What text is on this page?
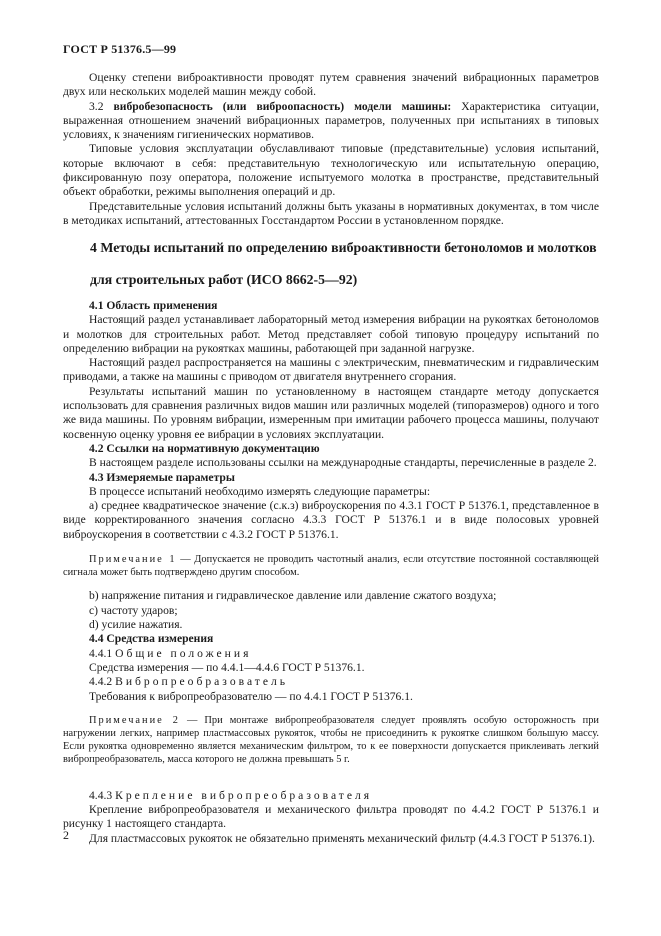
ГОСТ Р 51376.5—99

Оценку степени виброактивности проводят путем сравнения значений вибрационных параметров двух или нескольких моделей машин между собой.

3.2 вибробезопасность (или виброопасность) модели машины: Характеристика ситуации, выраженная отношением значений вибрационных параметров, полученных при испытаниях в типовых условиях, к значениям гигиенических нормативов.

Типовые условия эксплуатации обуславливают типовые (представительные) условия испытаний, которые включают в себя: представительную технологическую или испытательную операцию, фиксированную позу оператора, положение испытуемого молотка в пространстве, представительный объект обработки, режимы выполнения операций и др.

Представительные условия испытаний должны быть указаны в нормативных документах, в том числе в методиках испытаний, аттестованных Госстандартом России в установленном порядке.

4 Методы испытаний по определению виброактивности бетоноломов и молотков
для строительных работ (ИСО 8662-5—92)

4.1 Область применения

Настоящий раздел устанавливает лабораторный метод измерения вибрации на рукоятках бетоноломов и молотков для строительных работ. Метод представляет собой типовую процедуру испытаний по определению вибрации на рукоятках машины, работающей при заданной нагрузке.

Настоящий раздел распространяется на машины с электрическим, пневматическим и гидравлическим приводами, а также на машины с приводом от двигателя внутреннего сгорания.

Результаты испытаний машин по установленному в настоящем стандарте методу допускается использовать для сравнения различных видов машин или различных моделей (типоразмеров) одного и того же вида машины. По уровням вибрации, измеренным при имитации рабочего процесса машины, получают косвенную оценку уровня ее вибрации в условиях эксплуатации.

4.2 Ссылки на нормативную документацию

В настоящем разделе использованы ссылки на международные стандарты, перечисленные в разделе 2.

4.3 Измеряемые параметры

В процессе испытаний необходимо измерять следующие параметры:

а) среднее квадратическое значение (с.к.з) виброускорения по 4.3.1 ГОСТ Р 51376.1, представленное в виде корректированного значения согласно 4.3.3 ГОСТ Р 51376.1 и в виде полосовых уровней виброускорения в соответствии с 4.3.2 ГОСТ Р 51376.1.

Примечание 1 — Допускается не проводить частотный анализ, если отсутствие постоянной составляющей сигнала может быть подтверждено другим способом.

b) напряжение питания и гидравлическое давление или давление сжатого воздуха;

c) частоту ударов;

d) усилие нажатия.

4.4 Средства измерения

4.4.1 Общие положения

Средства измерения — по 4.4.1—4.4.6 ГОСТ Р 51376.1.

4.4.2 Вибропреобразователь

Требования к вибропреобразователю — по 4.4.1 ГОСТ Р 51376.1.

Примечание 2 — При монтаже вибропреобразователя следует проявлять особую осторожность при нагружении легких, например пластмассовых рукояток, чтобы не присоединить к рукоятке слишком большую массу. Если рукоятка одновременно является механическим фильтром, то к ее поверхности допускается приклеивать легкий вибропреобразователь, масса которого не должна превышать 5 г.

4.4.3 Крепление вибропреобразователя

Крепление вибропреобразователя и механического фильтра проводят по 4.4.2 ГОСТ Р 51376.1 и рисунку 1 настоящего стандарта.

Для пластмассовых рукояток не обязательно применять механический фильтр (4.4.3 ГОСТ Р 51376.1).

2
